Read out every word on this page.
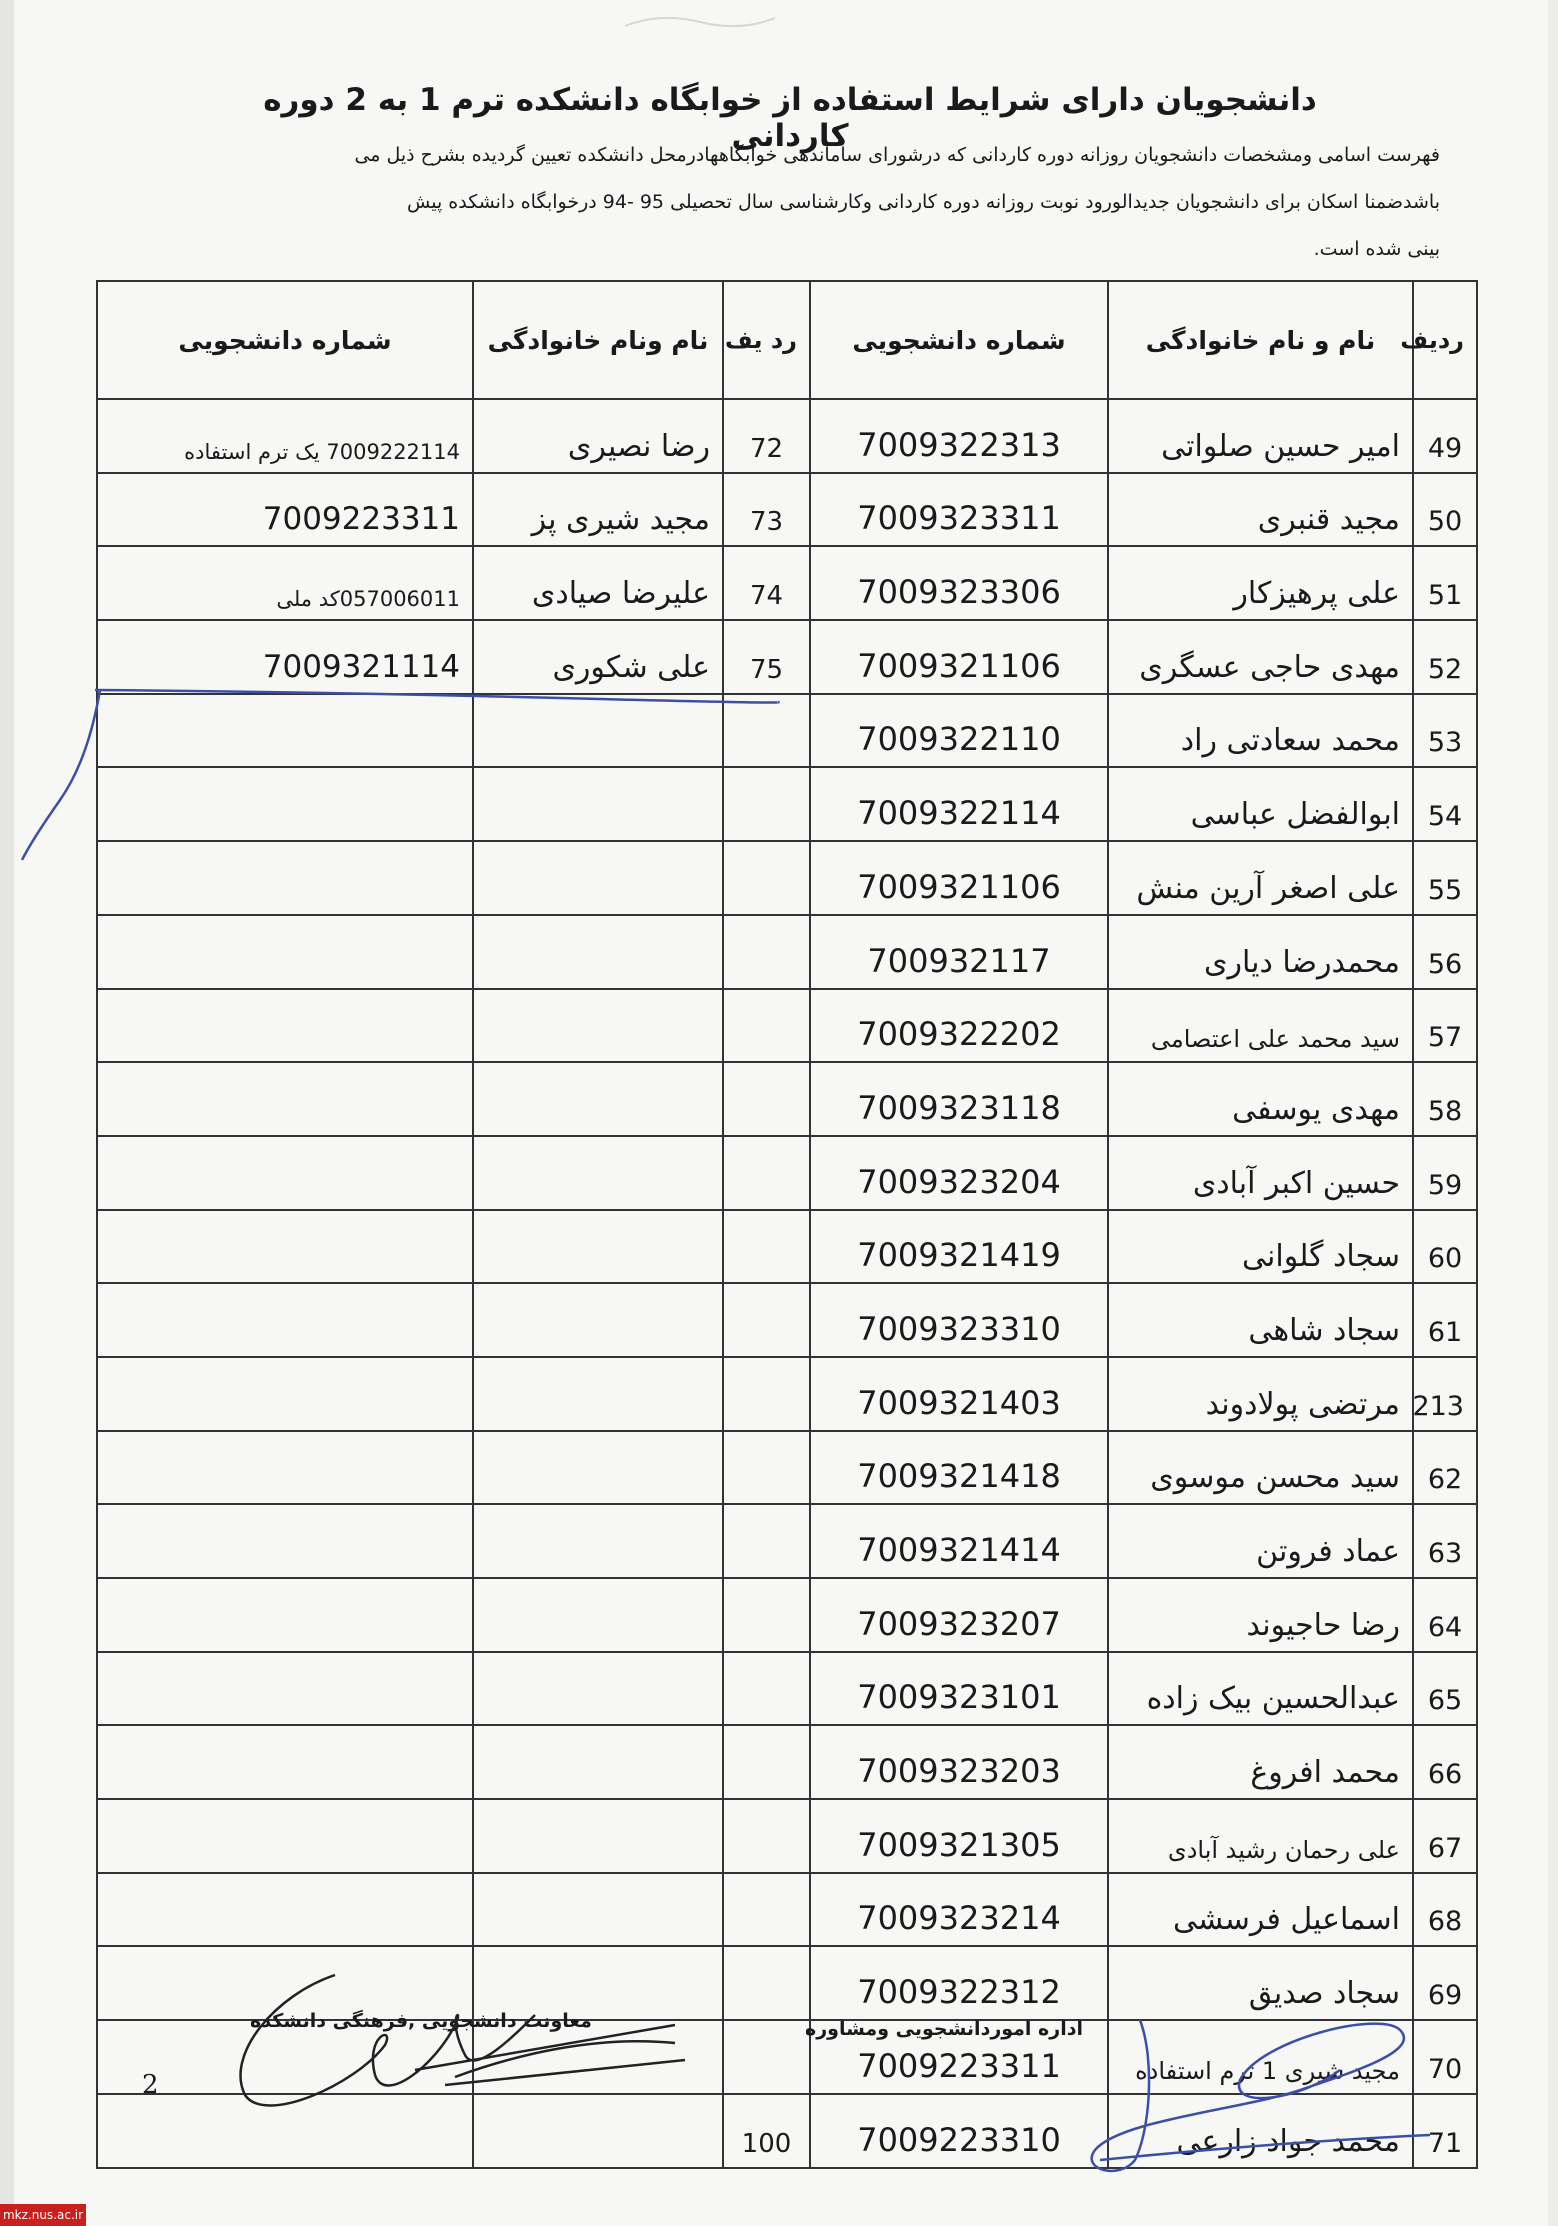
دانشجویان دارای شرایط استفاده از خوابگاه دانشکده ترم 1 به 2 دوره کاردانی

فهرست اسامی ومشخصات دانشجویان روزانه دوره کاردانی که درشورای ساماندهی خوابگاههادرمحل دانشکده تعیین گردیده بشرح ذیل می

باشدضمنا اسکان برای دانشجویان جدیدالورود نوبت روزانه دوره کاردانی وکارشناسی سال تحصیلی 95 -94 درخوابگاه دانشکده پیش

بینی شده است.

ردیف	نام و نام خانوادگی	شماره دانشجویی	رد یف	نام ونام خانوادگی	شماره دانشجویی
49	امیر حسین صلواتی	7009322313	72	رضا نصیری	7009222114 یک ترم استفاده
50	مجید قنبری	7009323311	73	مجید شیری پز	7009223311
51	علی پرهیزکار	7009323306	74	علیرضا صیادی	057006011کد ملی
52	مهدی حاجی عسگری	7009321106	75	علی شکوری	7009321114
53	محمد سعادتی راد	7009322110			
54	ابوالفضل عباسی	7009322114			
55	علی اصغر آرین منش	7009321106			
56	محمدرضا دیاری	700932117			
57	سید محمد علی اعتصامی	7009322202			
58	مهدی یوسفی	7009323118			
59	حسین اکبر آبادی	7009323204			
60	سجاد گلوانی	7009321419			
61	سجاد شاهی	7009323310			
213	مرتضی پولادوند	7009321403			
62	سید محسن موسوی	7009321418			
63	عماد فروتن	7009321414			
64	رضا حاجیوند	7009323207			
65	عبدالحسین بیک زاده	7009323101			
66	محمد افروغ	7009323203			
67	علی رحمان رشید آبادی	7009321305			
68	اسماعیل فرسشی	7009323214			
69	سجاد صدیق	7009322312			
70	مجید شیری 1 ترم استفاده	7009223311			
71	محمد جواد زارعی	7009223310	100		
معاونت دانشجویی ,فرهنگی دانشکده	اداره اموردانشجویی ومشاوره
2
mkz.nus.ac.ir
